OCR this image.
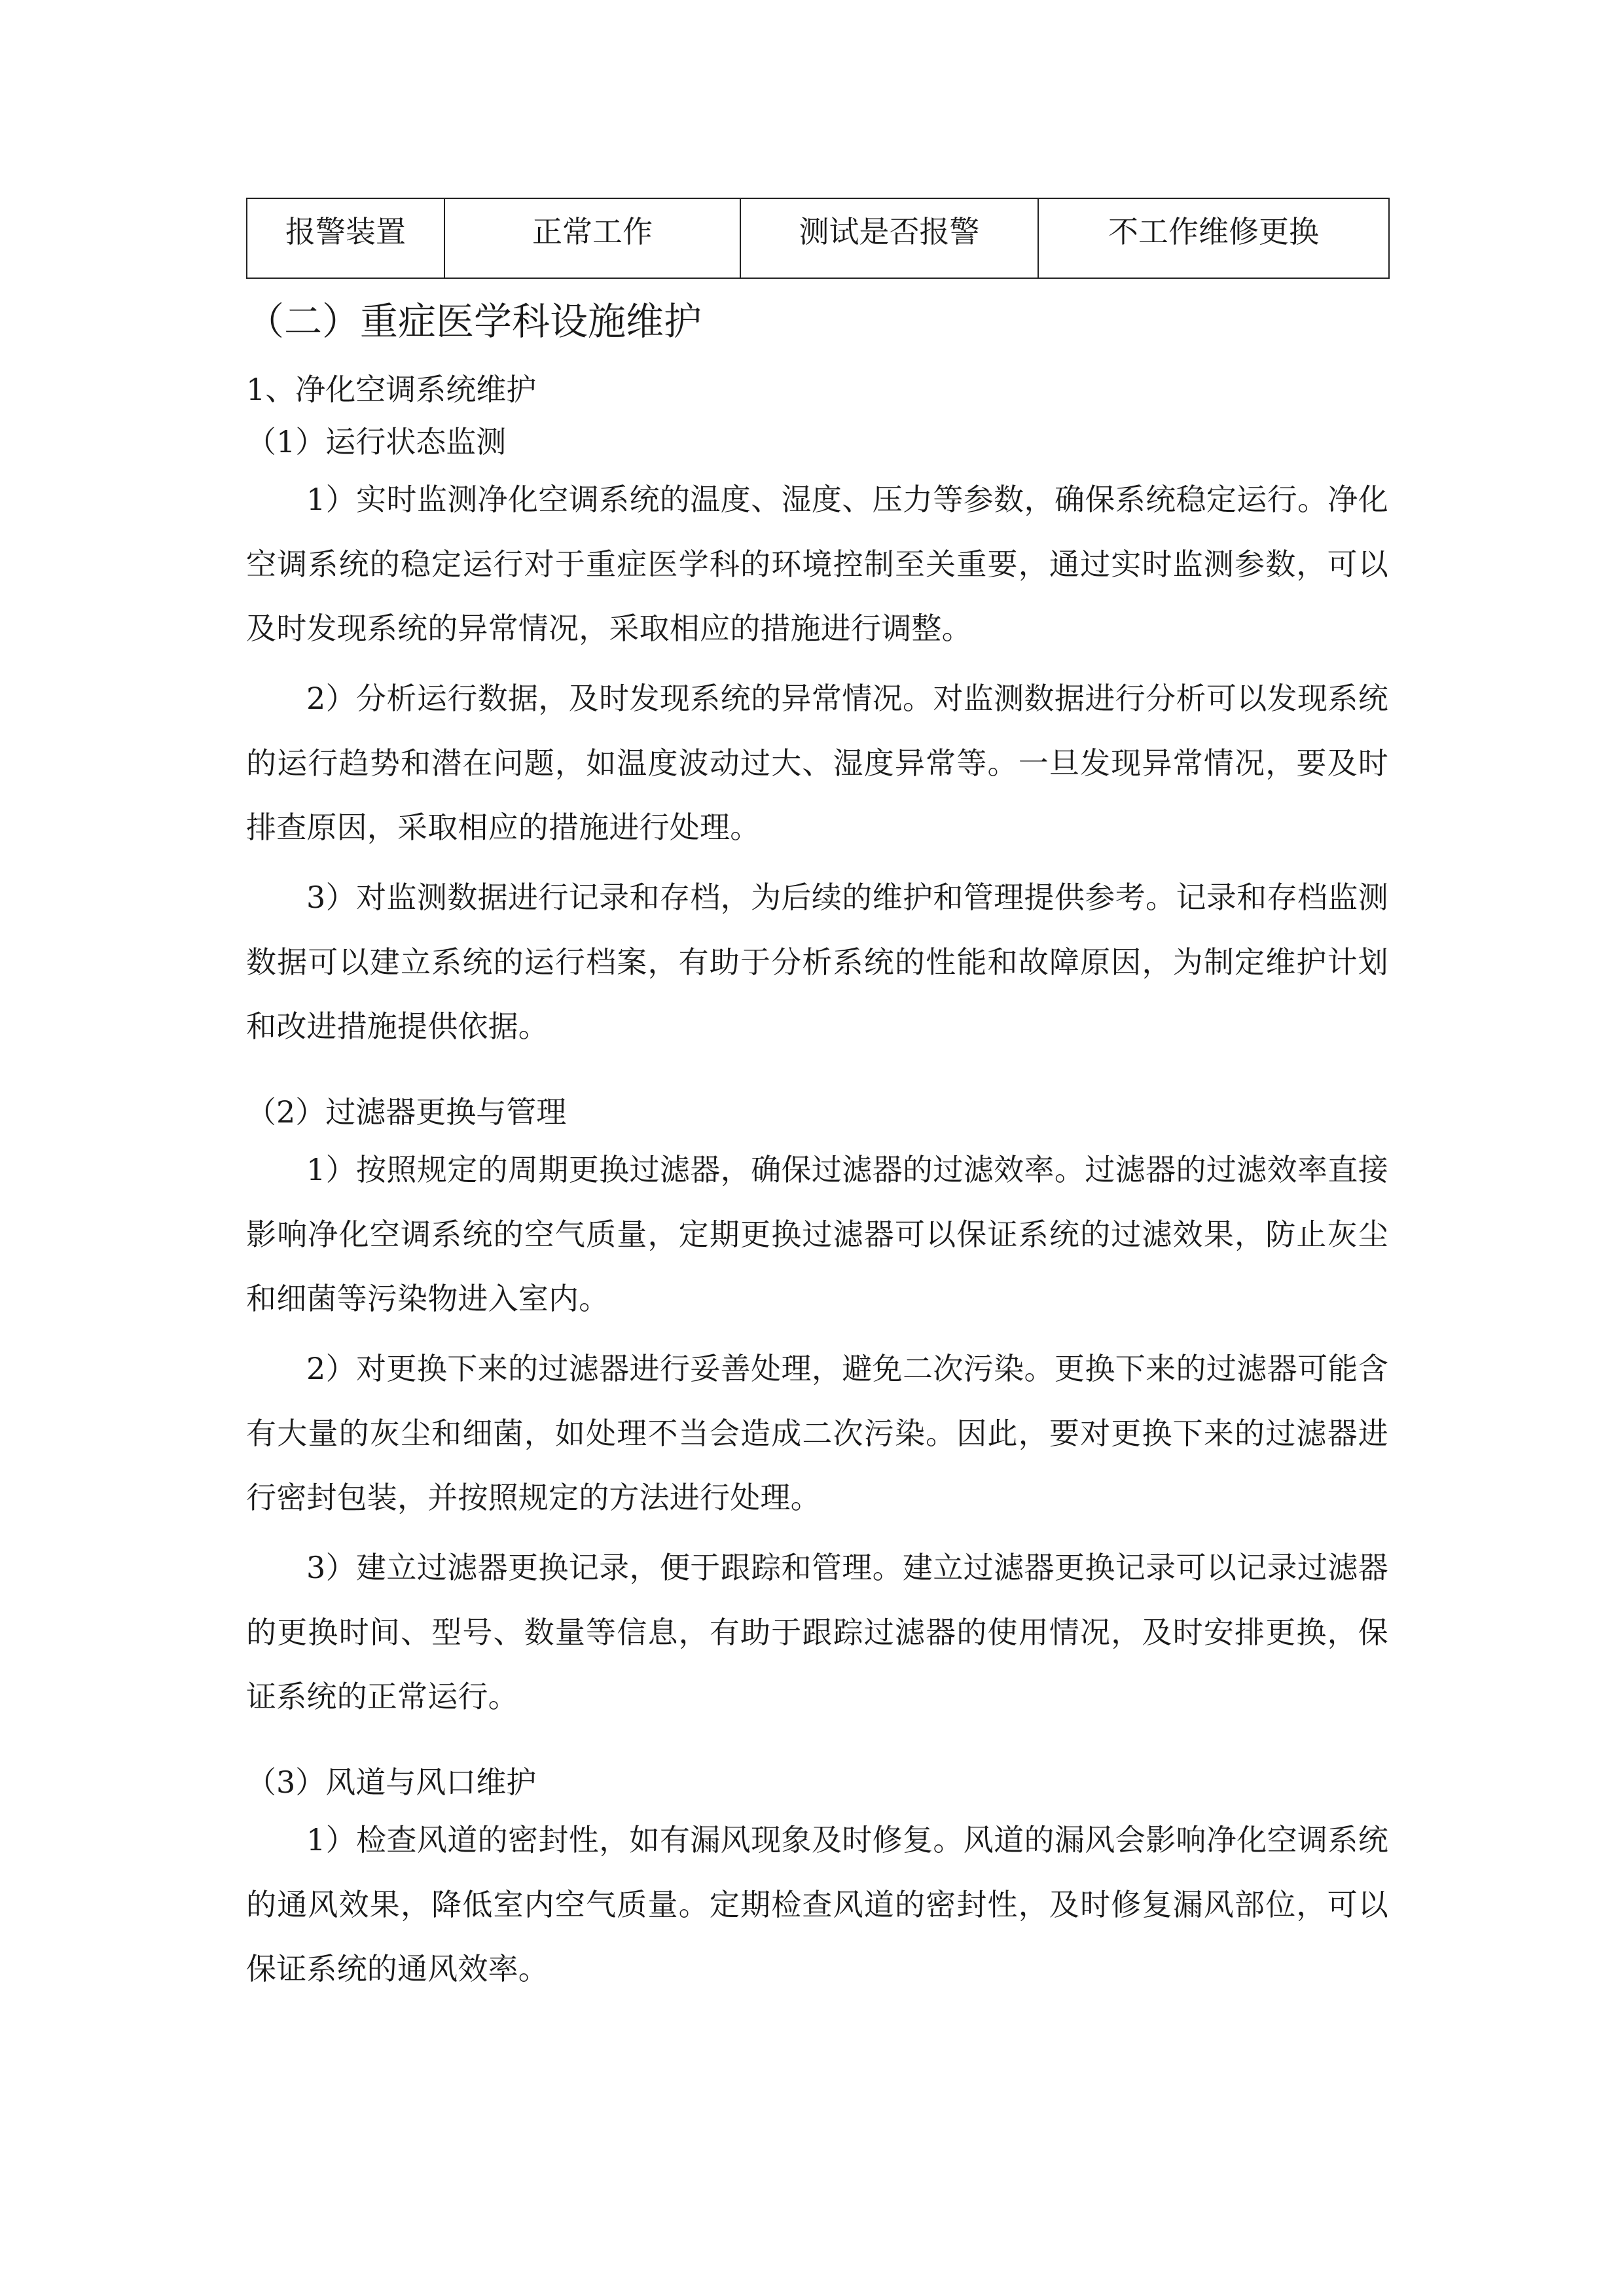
报警装置	正常工作	测试是否报警	不工作维修更换
（二）重症医学科设施维护
1、净化空调系统维护
（1）运行状态监测
1）实时监测净化空调系统的温度、湿度、压力等参数，确保系统稳定运行。净化空调系统的稳定运行对于重症医学科的环境控制至关重要，通过实时监测参数，可以及时发现系统的异常情况，采取相应的措施进行调整。
2）分析运行数据，及时发现系统的异常情况。对监测数据进行分析可以发现系统的运行趋势和潜在问题，如温度波动过大、湿度异常等。一旦发现异常情况，要及时排查原因，采取相应的措施进行处理。
3）对监测数据进行记录和存档，为后续的维护和管理提供参考。记录和存档监测数据可以建立系统的运行档案，有助于分析系统的性能和故障原因，为制定维护计划和改进措施提供依据。
（2）过滤器更换与管理
1）按照规定的周期更换过滤器，确保过滤器的过滤效率。过滤器的过滤效率直接影响净化空调系统的空气质量，定期更换过滤器可以保证系统的过滤效果，防止灰尘和细菌等污染物进入室内。
2）对更换下来的过滤器进行妥善处理，避免二次污染。更换下来的过滤器可能含有大量的灰尘和细菌，如处理不当会造成二次污染。因此，要对更换下来的过滤器进行密封包装，并按照规定的方法进行处理。
3）建立过滤器更换记录，便于跟踪和管理。建立过滤器更换记录可以记录过滤器的更换时间、型号、数量等信息，有助于跟踪过滤器的使用情况，及时安排更换，保证系统的正常运行。
（3）风道与风口维护
1）检查风道的密封性，如有漏风现象及时修复。风道的漏风会影响净化空调系统的通风效果，降低室内空气质量。定期检查风道的密封性，及时修复漏风部位，可以保证系统的通风效率。
